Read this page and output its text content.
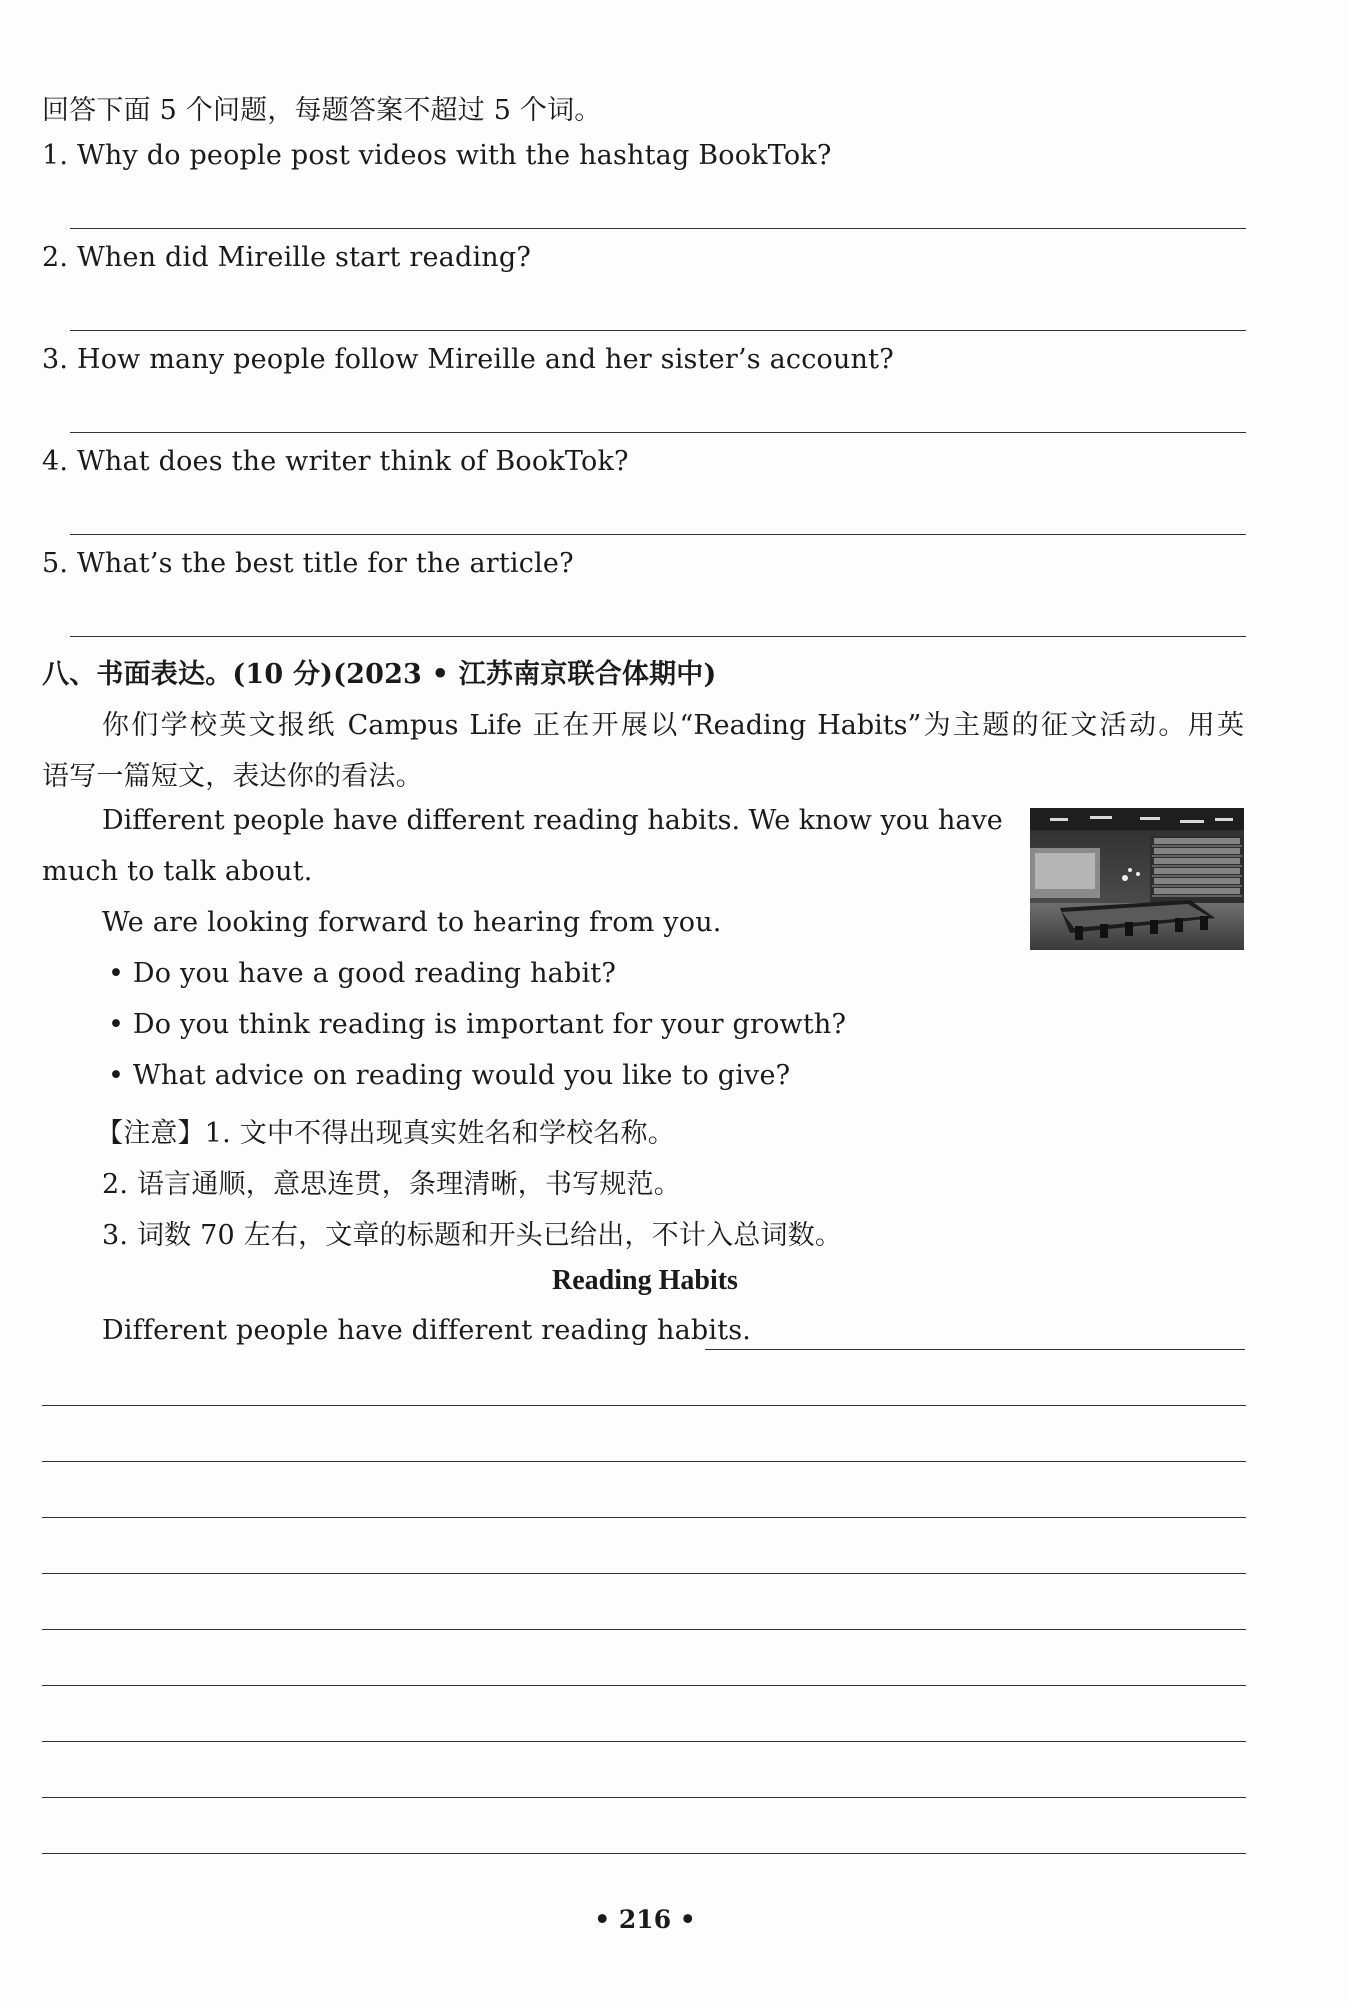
回答下面 5 个问题，每题答案不超过 5 个词。
1. Why do people post videos with the hashtag BookTok?
2. When did Mireille start reading?
3. How many people follow Mireille and her sister’s account?
4. What does the writer think of BookTok?
5. What’s the best title for the article?
八、书面表达。(10 分)(2023 • 江苏南京联合体期中)
你们学校英文报纸 Campus Life 正在开展以“Reading Habits”为主题的征文活动。用英
语写一篇短文，表达你的看法。
Different people have different reading habits. We know you have
much to talk about.
We are looking forward to hearing from you.
• Do you have a good reading habit?
• Do you think reading is important for your growth?
• What advice on reading would you like to give?
【注意】1. 文中不得出现真实姓名和学校名称。
2. 语言通顺，意思连贯，条理清晰，书写规范。
3. 词数 70 左右，文章的标题和开头已给出，不计入总词数。
Reading Habits
Different people have different reading habits.
• 216 •
